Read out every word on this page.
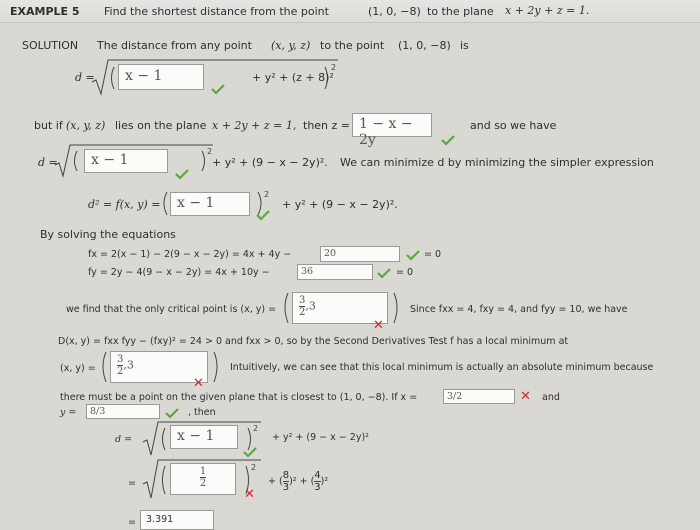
EXAMPLE 5 Find the shortest distance from the point	(1, 0, −8) to the plane x + 2y + z = 1.
SOLUTION The distance from any point (x, y, z) to the point (1, 0, −8) is
d =
2
x − 1	+ y² + (z + 8)²
but if (x, y, z) lies on the plane x + 2y + z = 1, then z = 1 − x − 2y
and so we have
d =
2
x − 1	+ y² + (9 − x − 2y)². We can minimize d by minimizing the simpler expression
d² = f(x, y) =
2
x − 1	+ y² + (9 − x − 2y)².
By solving the equations
fx = 2(x − 1) − 2(9 − x − 2y) = 4x + 4y −	20	= 0
fy = 2y − 4(9 − x − 2y) = 4x + 10y −	36	= 0
we find that the only critical point is (x, $y) = \frac{3}{2} ,3$
✕
Since fxx = 4, fxy = 4, and fyy = 10, we have
D(x, y) = fxx fyy − (fxy)² = 24 > 0 and fxx > 0, so by the Second Derivatives Test f has a local minimum at
(x, $y) = \frac{3}{2} ,3$
✕
Intuitively, we can see that this local minimum is actually an absolute minimum because
there must be a point on the given plane that is closest to (1, 0, −8). If x =	3/2	✕ and
y =	8/3	, then
d =
2
x − 1	+ y² + (9 − x − 2y)²
=
2
$\frac{1}{2}$
✕
+ ( $\frac{8}{3} )^2$ + ( $\frac{4}{3} )^2$
=	3.391
